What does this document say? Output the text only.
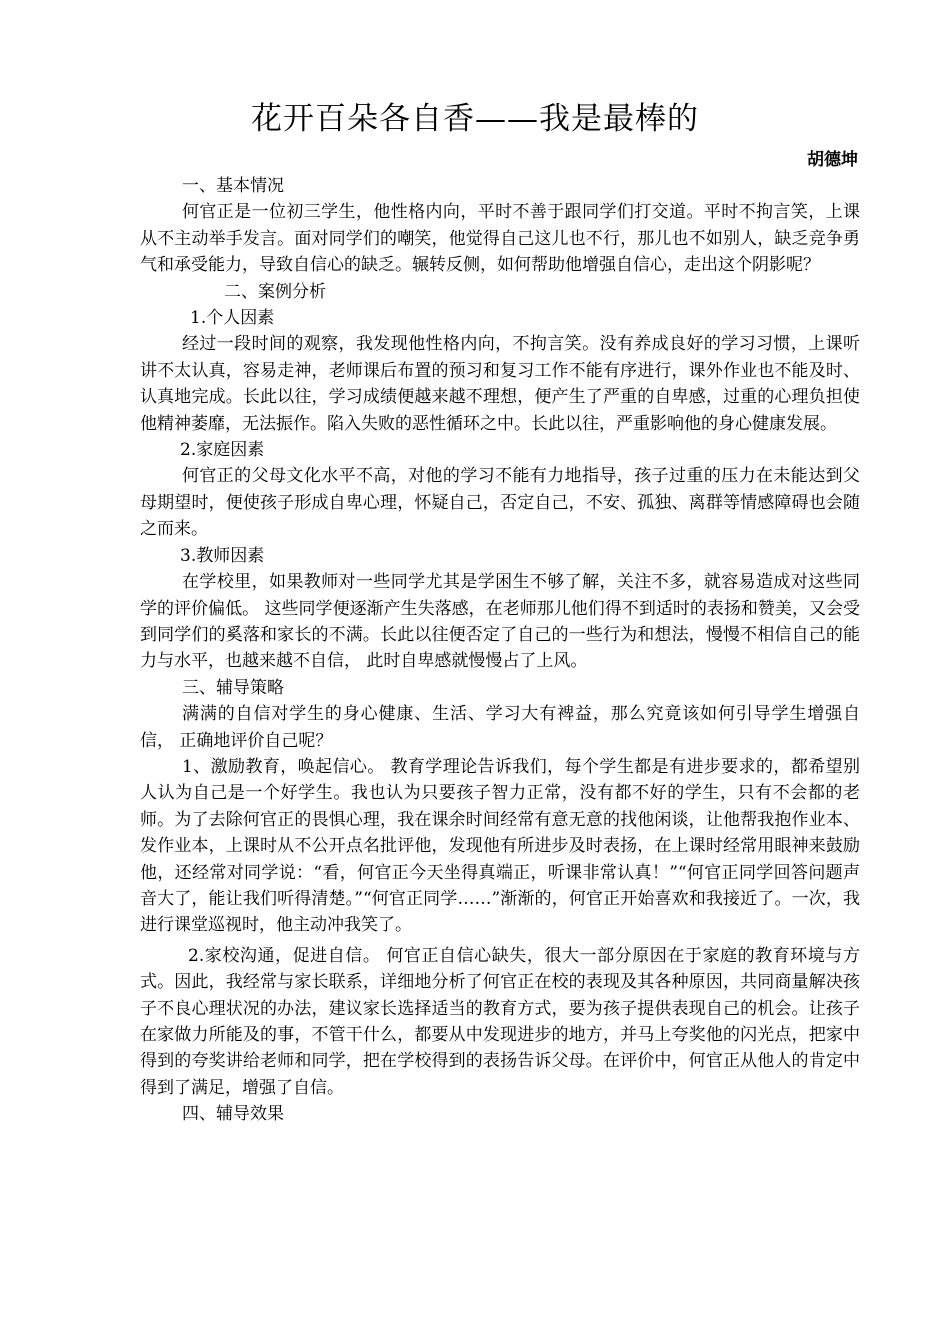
花开百朵各自香——我是最棒的
胡德坤

一、基本情况

何官正是一位初三学生，他性格内向，平时不善于跟同学们打交道。平时不拘言笑，上课从不主动举手发言。面对同学们的嘲笑，他觉得自己这儿也不行，那儿也不如别人，缺乏竞争勇气和承受能力，导致自信心的缺乏。辗转反侧，如何帮助他增强自信心，走出这个阴影呢？

二、案例分析

1.个人因素

经过一段时间的观察，我发现他性格内向，不拘言笑。没有养成良好的学习习惯，上课听讲不太认真，容易走神，老师课后布置的预习和复习工作不能有序进行，课外作业也不能及时、认真地完成。长此以往，学习成绩便越来越不理想，便产生了严重的自卑感，过重的心理负担使他精神萎靡，无法振作。陷入失败的恶性循环之中。长此以往，严重影响他的身心健康发展。

2.家庭因素

何官正的父母文化水平不高，对他的学习不能有力地指导，孩子过重的压力在未能达到父母期望时，便使孩子形成自卑心理，怀疑自己，否定自己，不安、孤独、离群等情感障碍也会随之而来。

3.教师因素

在学校里，如果教师对一些同学尤其是学困生不够了解，关注不多，就容易造成对这些同学的评价偏低。 这些同学便逐渐产生失落感，在老师那儿他们得不到适时的表扬和赞美，又会受到同学们的奚落和家长的不满。长此以往便否定了自己的一些行为和想法，慢慢不相信自己的能力与水平，也越来越不自信， 此时自卑感就慢慢占了上风。

三、辅导策略

满满的自信对学生的身心健康、生活、学习大有裨益，那么究竟该如何引导学生增强自信， 正确地评价自己呢？

1、激励教育，唤起信心。 教育学理论告诉我们，每个学生都是有进步要求的，都希望别人认为自己是一个好学生。我也认为只要孩子智力正常，没有都不好的学生，只有不会都的老师。为了去除何官正的畏惧心理，我在课余时间经常有意无意的找他闲谈，让他帮我抱作业本、发作业本，上课时从不公开点名批评他，发现他有所进步及时表扬，在上课时经常用眼神来鼓励他，还经常对同学说：“看，何官正今天坐得真端正，听课非常认真！”“何官正同学回答问题声音大了，能让我们听得清楚。”“何官正同学……”渐渐的，何官正开始喜欢和我接近了。一次，我进行课堂巡视时，他主动冲我笑了。

2.家校沟通，促进自信。 何官正自信心缺失，很大一部分原因在于家庭的教育环境与方式。因此，我经常与家长联系，详细地分析了何官正在校的表现及其各种原因，共同商量解决孩子不良心理状况的办法，建议家长选择适当的教育方式，要为孩子提供表现自己的机会。让孩子在家做力所能及的事，不管干什么，都要从中发现进步的地方，并马上夸奖他的闪光点，把家中得到的夸奖讲给老师和同学，把在学校得到的表扬告诉父母。在评价中，何官正从他人的肯定中得到了满足，增强了自信。

四、辅导效果
